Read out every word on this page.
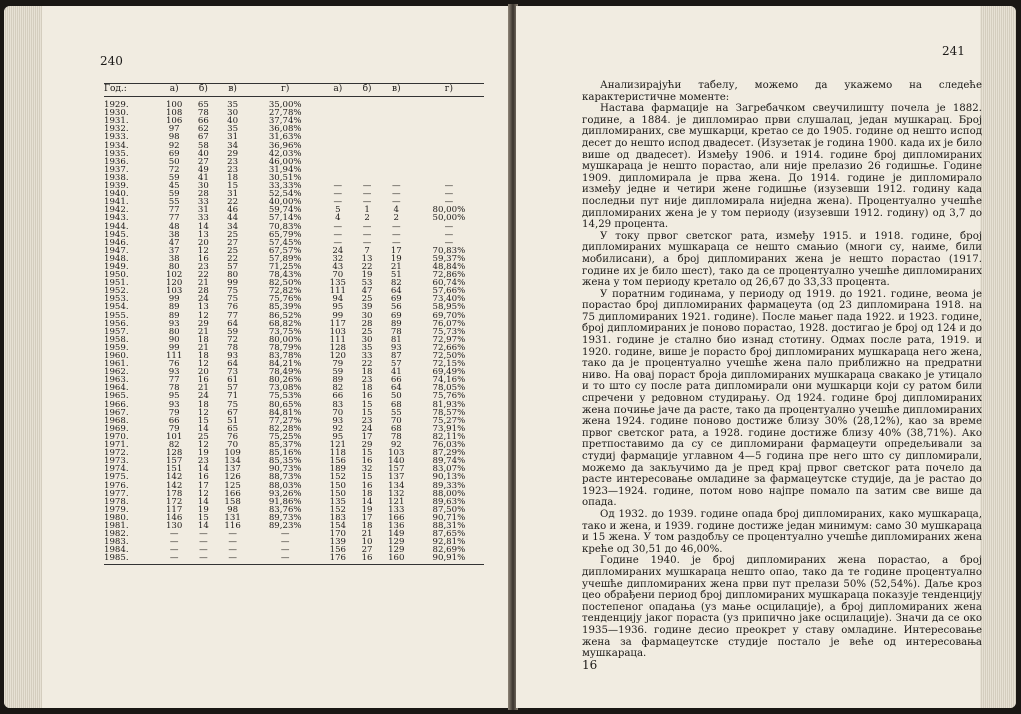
240
Год.:	а)	б)	в)	г)	а)	б)	в)	г)
1929.	100	65	35	35,00%				
1930.	108	78	30	27,78%				
1931.	106	66	40	37,74%				
1932.	97	62	35	36,08%				
1933.	98	67	31	31,63%				
1934.	92	58	34	36,96%				
1935.	69	40	29	42,03%				
1936.	50	27	23	46,00%				
1937.	72	49	23	31,94%				
1938.	59	41	18	30,51%				
1939.	45	30	15	33,33%	—	—	—	—
1940.	59	28	31	52,54%	—	—	—	—
1941.	55	33	22	40,00%	—	—	—	—
1942.	77	31	46	59,74%	5	1	4	80,00%
1943.	77	33	44	57,14%	4	2	2	50,00%
1944.	48	14	34	70,83%	—	—	—	—
1945.	38	13	25	65,79%	—	—	—	—
1946.	47	20	27	57,45%	—	—	—	—
1947.	37	12	25	67,57%	24	7	17	70,83%
1948.	38	16	22	57,89%	32	13	19	59,37%
1949.	80	23	57	71,25%	43	22	21	48,84%
1950.	102	22	80	78,43%	70	19	51	72,86%
1951.	120	21	99	82,50%	135	53	82	60,74%
1952.	103	28	75	72,82%	111	47	64	57,66%
1953.	99	24	75	75,76%	94	25	69	73,40%
1954.	89	13	76	85,39%	95	39	56	58,95%
1955.	89	12	77	86,52%	99	30	69	69,70%
1956.	93	29	64	68,82%	117	28	89	76,07%
1957.	80	21	59	73,75%	103	25	78	75,73%
1958.	90	18	72	80,00%	111	30	81	72,97%
1959.	99	21	78	78,79%	128	35	93	72,66%
1960.	111	18	93	83,78%	120	33	87	72,50%
1961.	76	12	64	84,21%	79	22	57	72,15%
1962.	93	20	73	78,49%	59	18	41	69,49%
1963.	77	16	61	80,26%	89	23	66	74,16%
1964.	78	21	57	73,08%	82	18	64	78,05%
1965.	95	24	71	75,53%	66	16	50	75,76%
1966.	93	18	75	80,65%	83	15	68	81,93%
1967.	79	12	67	84,81%	70	15	55	78,57%
1968.	66	15	51	77,27%	93	23	70	75,27%
1969.	79	14	65	82,28%	92	24	68	73,91%
1970.	101	25	76	75,25%	95	17	78	82,11%
1971.	82	12	70	85,37%	121	29	92	76,03%
1972.	128	19	109	85,16%	118	15	103	87,29%
1973.	157	23	134	85,35%	156	16	140	89,74%
1974.	151	14	137	90,73%	189	32	157	83,07%
1975.	142	16	126	88,73%	152	15	137	90,13%
1976.	142	17	125	88,03%	150	16	134	89,33%
1977.	178	12	166	93,26%	150	18	132	88,00%
1978.	172	14	158	91,86%	135	14	121	89,63%
1979.	117	19	98	83,76%	152	19	133	87,50%
1980.	146	15	131	89,73%	183	17	166	90,71%
1981.	130	14	116	89,23%	154	18	136	88,31%
1982.	—	—	—	—	170	21	149	87,65%
1983.	—	—	—	—	139	10	129	92,81%
1984.	—	—	—	—	156	27	129	82,69%
1985.	—	—	—	—	176	16	160	90,91%
241

Анализирајући табелу, можемо да укажемо на следеће карактеристичне моменте:

Настава фармације на Загребачком свеучилишту почела је 1882. године, а 1884. је дипломирао први слушалац, један мушкарац. Број дипломираних, све мушкарци, кретао се до 1905. године од нешто испод десет до нешто испод двадесет. (Изузетак је година 1900. када их је било више од двадесет). Између 1906. и 1914. године број дипломираних мушкараца је нешто порастао, али није прелазио 26 годишње. Године 1909. дипломирала је прва жена. До 1914. године је дипломирало између једне и четири жене годишње (изузевши 1912. годину када последњи пут није дипломирала ниједна жена). Процентуално учешће дипломираних жена је у том периоду (изузевши 1912. годину) од 3,7 до 14,29 процента.

У току првог светског рата, између 1915. и 1918. године, број дипломираних мушкараца се нешто смањио (многи су, наиме, били мобилисани), а број дипломираних жена је нешто порастао (1917. године их је било шест), тако да се процентуално учешће дипломираних жена у том периоду кретало од 26,67 до 33,33 процента.

У поратним годинама, у периоду од 1919. до 1921. године, веома је порастао број дипломираних фармацеута (од 23 дипломирана 1918. на 75 дипломираних 1921. године). После мањег пада 1922. и 1923. године, број дипломираних је поново порастао, 1928. достигао је број од 124 и до 1931. године је стално био изнад стотину. Одмах после рата, 1919. и 1920. године, више је порасто број дипломираних мушкараца него жена, тако да је процентуално учешће жена пало приближно на предратни ниво. На овај пораст броја дипломираних мушкараца свакако је утицало и то што су после рата дипломирали они мушкарци који су ратом били спречени у редовном студирању. Од 1924. године број дипломираних жена почиње јаче да расте, тако да процентуално учешће дипломираних жена 1924. године поново достиже близу 30% (28,12%), као за време првог светског рата, а 1928. године достиже близу 40% (38,71%). Ако претпоставимо да су се дипломирани фармацеути опредељивали за студиј фармације углавном 4—5 година пре него што су дипломирали, можемо да закључимо да је пред крај првог светског рата почело да расте интересовање омладине за фармацеутске студије, да је растао до 1923—1924. године, потом ново најпре помало па затим све више да опада.

Од 1932. до 1939. године опада број дипломираних, како мушкараца, тако и жена, и 1939. године достиже један минимум: само 30 мушкараца и 15 жена. У том раздобљу се процентуално учешће дипломираних жена креће од 30,51 до 46,00%.

Године 1940. је број дипломираних жена порастао, а број дипломираних мушкараца нешто опао, тако да те године процентуално учешће дипломираних жена први пут прелази 50% (52,54%). Даље кроз цео обрађени период број дипломираних мушкараца показује тенденцију постепеног опадања (уз мање осцилације), а број дипломираних жена тенденцију јаког пораста (уз припично јаке осцилације). Значи да се око 1935—1936. године десио преокрет у ставу омладине. Интересовање жена за фармацеутске студије постало је веће од интересовања мушкараца.

16
